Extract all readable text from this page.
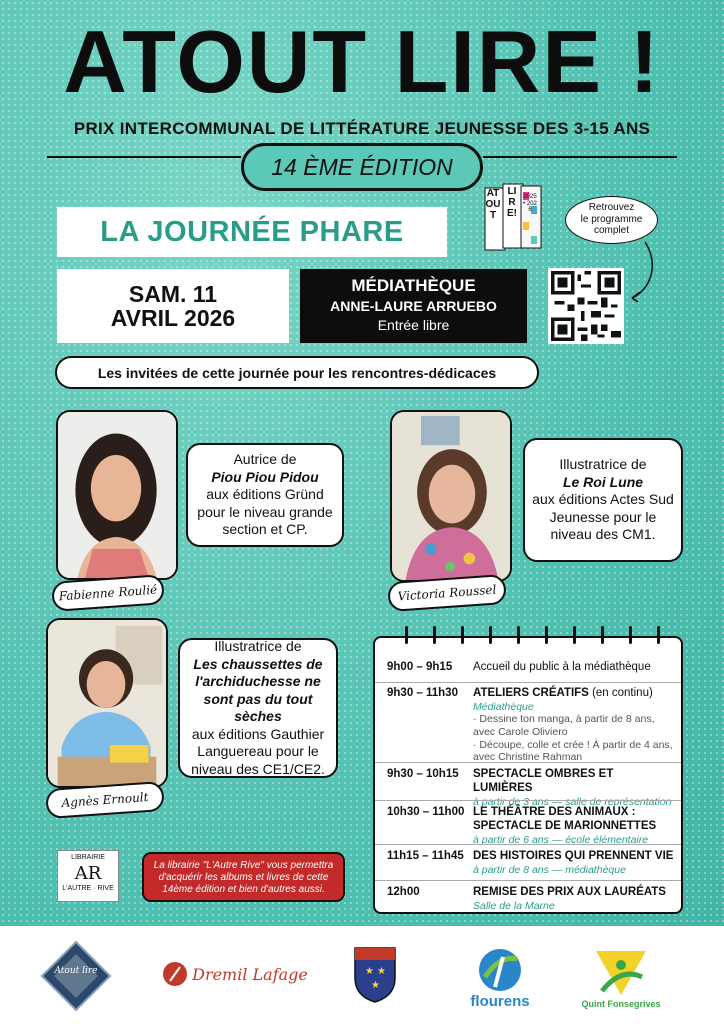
ATOUT LIRE !
PRIX INTERCOMMUNAL DE LITTÉRATURE JEUNESSE DES 3-15 ANS
14 ÈME ÉDITION
LA JOURNÉE PHARE
ATOUT
LIRE!
2025 • 2026	Retrouvez
le programme
complet
SAM. 11
AVRIL 2026
MÉDIATHÈQUE
ANNE-LAURE ARRUEBO
Entrée libre
Les invitées de cette journée pour les rencontres-dédicaces
Fabienne Roulié
Autrice de
Piou Piou Pidou
aux éditions Gründ pour le niveau grande section et CP.
Victoria Roussel
Illustratrice de
Le Roi Lune
aux éditions Actes Sud Jeunesse pour le niveau des CM1.
Agnès Ernoult
Illustratrice de
Les chaussettes de l'archiduchesse ne sont pas du tout sèches
aux éditions Gauthier Languereau pour le niveau des CE1/CE2.
9h00 – 9h15 Accueil du public à la médiathèque
9h30 – 11h30 ATELIERS CRÉATIFS (en continu)
Médiathèque
· Dessine ton manga, à partir de 8 ans, avec Carole Oliviero
· Découpe, colle et crée ! À partir de 4 ans, avec Christine Rahman
9h30 – 10h15 SPECTACLE OMBRES ET LUMIÈRES
à partir de 3 ans — salle de représentation
10h30 – 11h00 LE THÉÂTRE DES ANIMAUX : SPECTACLE DE MARIONNETTES
à partir de 6 ans — école élémentaire
11h15 – 11h45 DES HISTOIRES QUI PRENNENT VIE
à partir de 8 ans — médiathèque
12h00	REMISE DES PRIX AUX LAURÉATS
Salle de la Marne
LIBRAIRIE
AR
L'AUTRE · RIVE
La librairie "L'Autre Rive" vous permettra d'acquérir les albums et livres de cette 14ème édition et bien d'autres aussi.
Atout lire	Dremil Lafage	★ ★
★
flourens	Quint Fonsegrives
